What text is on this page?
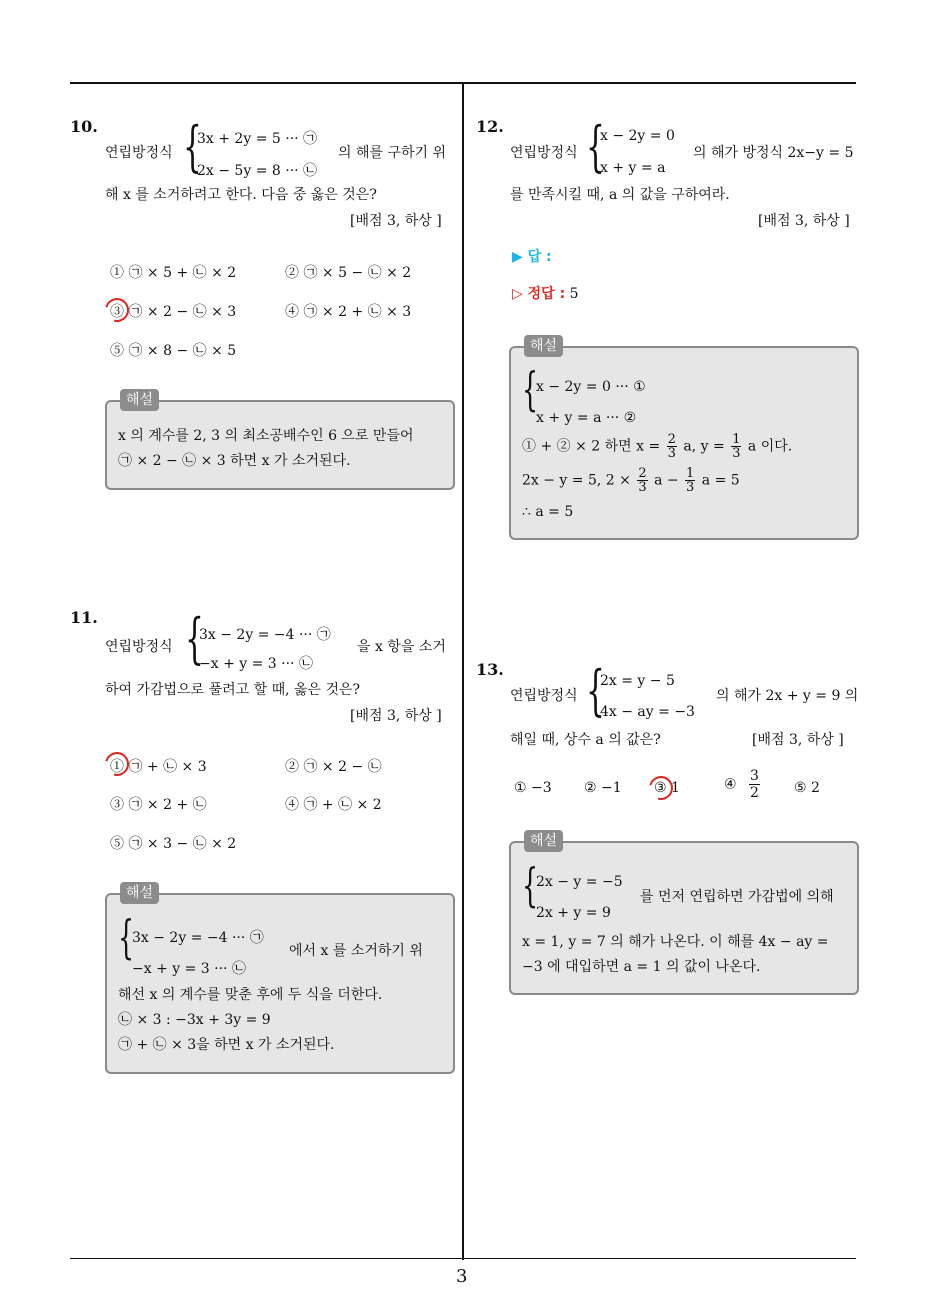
3
10.
연립방정식 {
3x + 2y = 5 ··· ㉠
2x − 5y = 8 ··· ㉡
의 해를 구하기 위
해 x 를 소거하려고 한다. 다음 중 옳은 것은?
[배점 3, 하상 ]
① ㉠ × 5 + ㉡ × 2	② ㉠ × 5 − ㉡ × 2
③ ㉠ × 2 − ㉡ × 3	④ ㉠ × 2 + ㉡ × 3
⑤ ㉠ × 8 − ㉡ × 5
해설
x 의 계수를 2, 3 의 최소공배수인 6 으로 만들어
㉠ × 2 − ㉡ × 3 하면 x 가 소거된다.
11.
연립방정식 {
3x − 2y = −4 ··· ㉠
−x + y = 3 ··· ㉡
을 x 항을 소거
하여 가감법으로 풀려고 할 때, 옳은 것은?
[배점 3, 하상 ]
① ㉠ + ㉡ × 3	② ㉠ × 2 − ㉡
③ ㉠ × 2 + ㉡	④ ㉠ + ㉡ × 2
⑤ ㉠ × 3 − ㉡ × 2
해설
{
3x − 2y = −4 ··· ㉠
−x + y = 3 ··· ㉡
에서 x 를 소거하기 위
해선 x 의 계수를 맞춘 후에 두 식을 더한다.
㉡ × 3 : −3x + 3y = 9
㉠ + ㉡ × 3을 하면 x 가 소거된다.
12.
연립방정식 {
x − 2y = 0
x + y = a
의 해가 방정식 2x−y = 5
를 만족시킬 때, a 의 값을 구하여라.
[배점 3, 하상 ]
▶ 답 :
▷ 정답 : 5
해설
{
x − 2y = 0 ··· ①
x + y = a ··· ②
① + ② × 2 하면 $x = \frac{2}{3} a$, $y = \frac{1}{3}$ a 이다.
2x − y = 5, $2 \times \frac{2}{3}$ $a - \frac{1}{3}$ a = 5
∴ a = 5
13.
연립방정식 {
2x = y − 5
4x − ay = −3
의 해가 2x + y = 9 의
해일 때, 상수 a 의 값은?	[배점 3, 하상 ]
① −3 ② −1 ③ 1	④ $\frac{3}{2}$ ⑤ 2
해설
{
2x − y = −5
2x + y = 9
를 먼저 연립하면 가감법에 의해
x = 1, y = 7 의 해가 나온다. 이 해를 4x − ay =
−3 에 대입하면 a = 1 의 값이 나온다.
